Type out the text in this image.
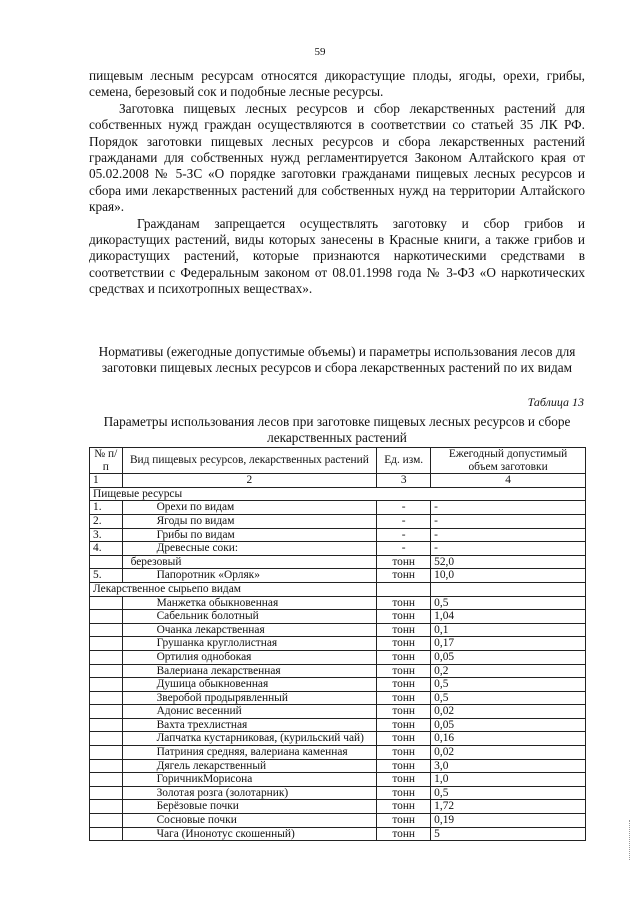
59

пищевым лесным ресурсам относятся дикорастущие плоды, ягоды, орехи, грибы, семена, березовый сок и подобные лесные ресурсы.

Заготовка пищевых лесных ресурсов и сбор лекарственных растений для собственных нужд граждан осуществляются в соответствии со статьей 35 ЛК РФ. Порядок заготовки пищевых лесных ресурсов и сбора лекарственных растений гражданами для собственных нужд регламентируется Законом Алтайского края от 05.02.2008 № 5-ЗС «О порядке заготовки гражданами пищевых лесных ресурсов и сбора ими лекарственных растений для собственных нужд на территории Алтайского края».

Гражданам запрещается осуществлять заготовку и сбор грибов и дикорастущих растений, виды которых занесены в Красные книги, а также грибов и дикорастущих растений, которые признаются наркотическими средствами в соответствии с Федеральным законом от 08.01.1998 года № 3-ФЗ «О наркотических средствах и психотропных веществах».

Нормативы (ежегодные допустимые объемы) и параметры использования лесов для заготовки пищевых лесных ресурсов и сбора лекарственных растений по их видам
Таблица 13
Параметры использования лесов при заготовке пищевых лесных ресурсов и сборе лекарственных растений
№ п/п	Вид пищевых ресурсов, лекарственных растений	Ед. изм.	Ежегодный допустимый объем заготовки
1	2	3	4
Пищевые ресурсы			
1.	Орехи по видам	-	-
2.	Ягоды по видам	-	-
3.	Грибы по видам	-	-
4.	Древесные соки:	-	-
	березовый	тонн	52,0
5.	Папоротник «Орляк»	тонн	10,0
Лекарственное сырьепо видам			
	Манжетка обыкновенная	тонн	0,5
	Сабельник болотный	тонн	1,04
	Очанка лекарственная	тонн	0,1
	Грушанка круглолистная	тонн	0,17
	Ортилия однобокая	тонн	0,05
	Валериана лекарственная	тонн	0,2
	Душица обыкновенная	тонн	0,5
	Зверобой продырявленный	тонн	0,5
	Адонис весенний	тонн	0,02
	Вахта трехлистная	тонн	0,05
	Лапчатка кустарниковая, (курильский чай)	тонн	0,16
	Патриния средняя, валериана каменная	тонн	0,02
	Дягель лекарственный	тонн	3,0
	ГоричникМорисона	тонн	1,0
	Золотая розга (золотарник)	тонн	0,5
	Берёзовые почки	тонн	1,72
	Сосновые почки	тонн	0,19
	Чага (Инонотус скошенный)	тонн	5
